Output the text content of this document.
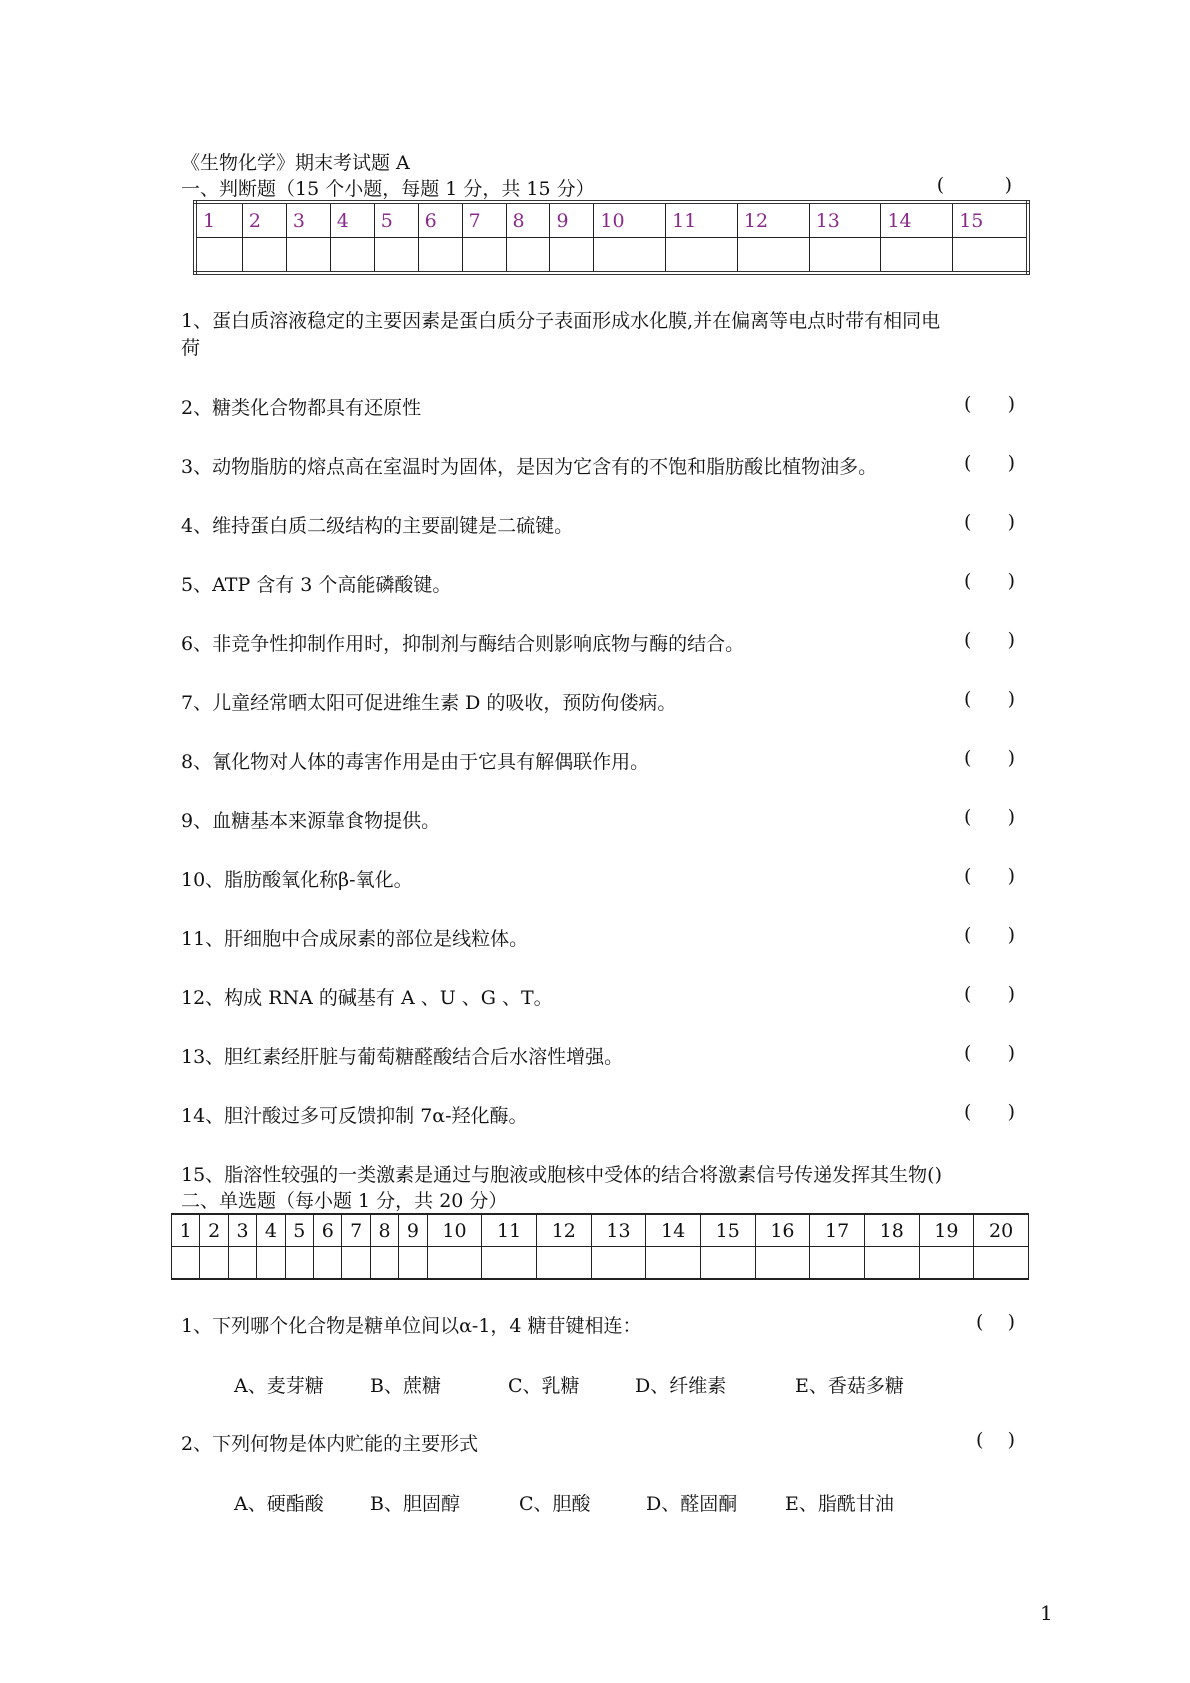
《生物化学》期末考试题 A
一、判断题（15 个小题，每题 1 分，共 15 分）	(          )
1	2	3	4	5	6	7	8	9	10	11	12	13	14	15

1、蛋白质溶液稳定的主要因素是蛋白质分子表面形成水化膜,并在偏离等电点时带有相同电
荷
2、糖类化合物都具有还原性	(      )
3、动物脂肪的熔点高在室温时为固体，是因为它含有的不饱和脂肪酸比植物油多。	(      )
4、维持蛋白质二级结构的主要副键是二硫键。	(      )
5、ATP 含有 3 个高能磷酸键。	(      )
6、非竞争性抑制作用时，抑制剂与酶结合则影响底物与酶的结合。	(      )
7、儿童经常晒太阳可促进维生素 D 的吸收，预防佝偻病。	(      )
8、氰化物对人体的毒害作用是由于它具有解偶联作用。	(      )
9、血糖基本来源靠食物提供。	(      )
10、脂肪酸氧化称β-氧化。	(      )
11、肝细胞中合成尿素的部位是线粒体。	(      )
12、构成 RNA 的碱基有 A 、U 、G 、T。	(      )
13、胆红素经肝脏与葡萄糖醛酸结合后水溶性增强。	(      )
14、胆汁酸过多可反馈抑制 7α-羟化酶。	(      )
15、脂溶性较强的一类激素是通过与胞液或胞核中受体的结合将激素信号传递发挥其生物()
二、单选题（每小题 1 分，共 20 分）
1	2	3	4	5	6	7	8	9	10	11	12	13	14	15	16	17	18	19	20

1、下列哪个化合物是糖单位间以α-1，4 糖苷键相连：	(    )
A、麦芽糖 B、蔗糖	C、乳糖	D、纤维素	E、香菇多糖
2、下列何物是体内贮能的主要形式	(    )
A、硬酯酸 B、胆固醇	C、胆酸	D、醛固酮	E、脂酰甘油
1
